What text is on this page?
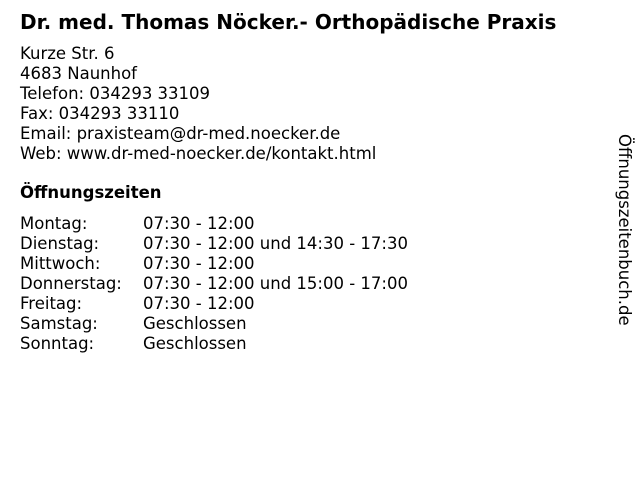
Dr. med. Thomas Nöcker.- Orthopädische Praxis
Kurze Str. 6
4683 Naunhof
Telefon: 034293 33109
Fax: 034293 33110
Email: praxisteam@dr-med.noecker.de
Web: www.dr-med-noecker.de/kontakt.html
Öffnungszeiten
Montag:	07:30 - 12:00
Dienstag:	07:30 - 12:00 und 14:30 - 17:30
Mittwoch:	07:30 - 12:00
Donnerstag: 07:30 - 12:00 und 15:00 - 17:00
Freitag:	07:30 - 12:00
Samstag:	Geschlossen
Sonntag:	Geschlossen
Öffnungszeitenbuch.de
